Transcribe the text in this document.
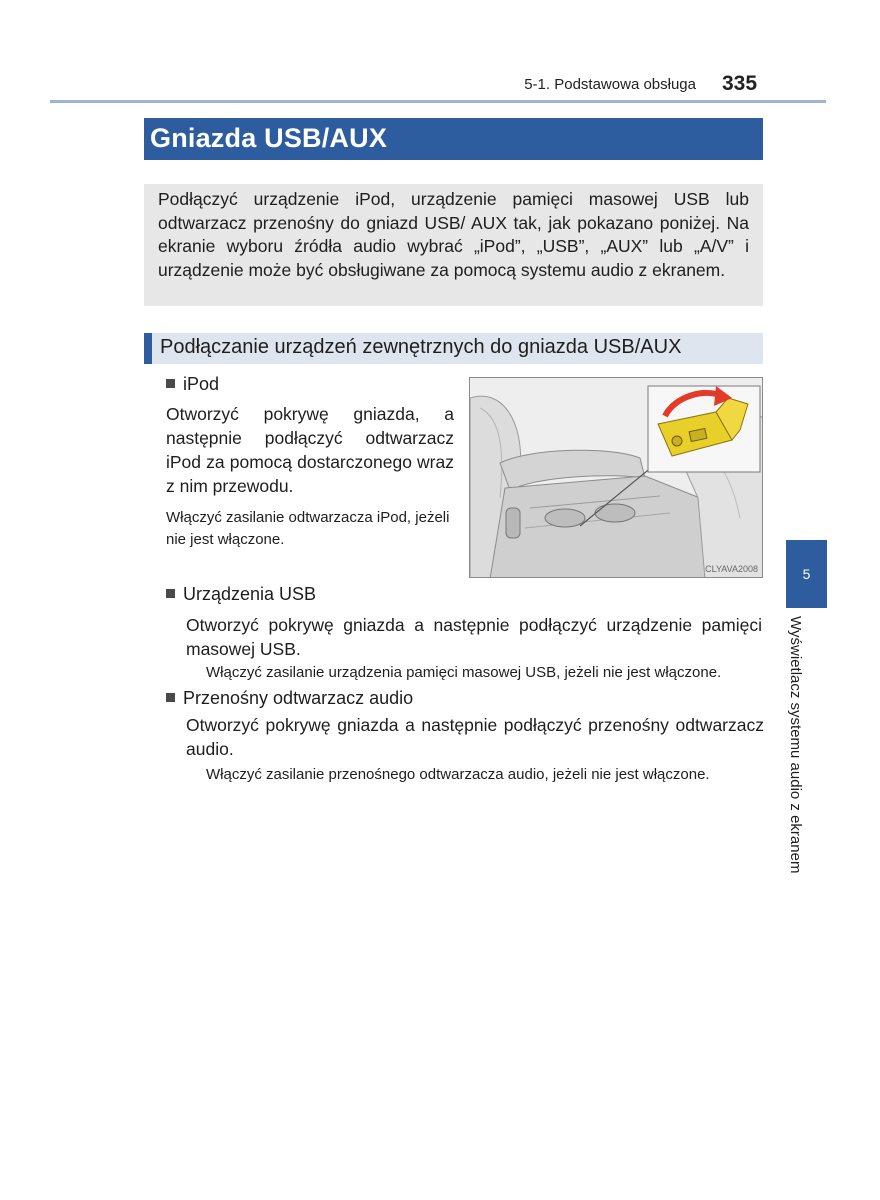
5-1. Podstawowa obsługa 335
Gniazda USB/AUX

Podłączyć urządzenie iPod, urządzenie pamięci masowej USB lub odtwarzacz przenośny do gniazd USB/ AUX tak, jak pokazano poniżej. Na ekranie wyboru źródła audio wybrać „iPod”, „USB”, „AUX” lub „A/V” i urządzenie może być obsługiwane za pomocą systemu audio z ekranem.

Podłączanie urządzeń zewnętrznych do gniazda USB/AUX
iPod

Otworzyć pokrywę gniazda, a następnie podłączyć odtwarzacz iPod za pomocą dostarczonego wraz z nim przewodu.

Włączyć zasilanie odtwarzacza iPod, jeżeli nie jest włączone.

CLYAVA2008
Urządzenia USB

Otworzyć pokrywę gniazda a następnie podłączyć urządzenie pamięci masowej USB.

Włączyć zasilanie urządzenia pamięci masowej USB, jeżeli nie jest włączone.

Przenośny odtwarzacz audio

Otworzyć pokrywę gniazda a następnie podłączyć przenośny odtwarzacz audio.

Włączyć zasilanie przenośnego odtwarzacza audio, jeżeli nie jest włączone.

5
Wyświetlacz systemu audio z ekranem
